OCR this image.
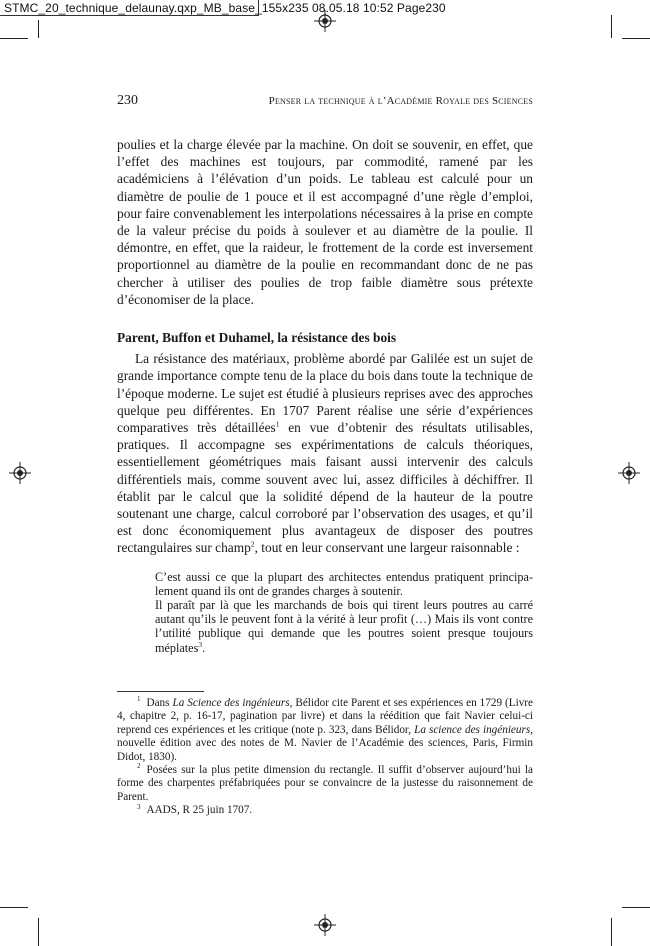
STMC_20_technique_delaunay.qxp_MB_base_155x235 08.05.18 10:52 Page230
230	Penser la technique à l’Académie Royale des Sciences

poulies et la charge élevée par la machine. On doit se souvenir, en effet, que l’effet des machines est toujours, par commodité, ramené par les académiciens à l’élévation d’un poids. Le tableau est calculé pour un diamètre de poulie de 1 pouce et il est accompagné d’une règle d’emploi, pour faire convenablement les interpolations nécessaires à la prise en compte de la valeur précise du poids à soulever et au diamètre de la poulie. Il démontre, en effet, que la raideur, le frottement de la corde est inversement proportionnel au diamètre de la poulie en recommandant donc de ne pas chercher à utiliser des poulies de trop faible diamètre sous prétexte d’économiser de la place.

Parent, Buffon et Duhamel, la résistance des bois

La résistance des matériaux, problème abordé par Galilée est un sujet de grande importance compte tenu de la place du bois dans toute la technique de l’époque moderne. Le sujet est étudié à plusieurs reprises avec des approches quelque peu différentes. En 1707 Parent réalise une série d’expériences comparatives très détaillées$^1$ en vue d’obtenir des résultats utilisables, pratiques. Il accompagne ses expérimentations de calculs théoriques, essentiellement géométriques mais faisant aussi intervenir des calculs différentiels mais, comme souvent avec lui, assez difficiles à déchiffrer. Il établit par le calcul que la solidité dépend de la hauteur de la poutre soutenant une charge, calcul corroboré par l’observation des usages, et qu’il est donc économiquement plus avantageux de disposer des poutres rectangulaires sur champ$^2$, tout en leur conservant une largeur raisonnable :

C’est aussi ce que la plupart des architectes entendus pratiquent principalement quand ils ont de grandes charges à soutenir.

Il paraît par là que les marchands de bois qui tirent leurs poutres au carré autant qu’ils le peuvent font à la vérité à leur profit (…) Mais ils vont contre l’utilité publique qui demande que les poutres soient presque toujours méplates$^3$.

$^1$ Dans La Science des ingénieurs, Bélidor cite Parent et ses expériences en 1729 (Livre 4, chapitre 2, p. 16-17, pagination par livre) et dans la réédition que fait Navier celui-ci reprend ces expériences et les critique (note p. 323, dans Bélidor, La science des ingénieurs, nouvelle édition avec des notes de M. Navier de l’Académie des sciences, Paris, Firmin Didot, 1830).

$^2$ Posées sur la plus petite dimension du rectangle. Il suffit d’observer aujourd’hui la forme des charpentes préfabriquées pour se convaincre de la justesse du raisonnement de Parent.

$^3$ AADS, R 25 juin 1707.
